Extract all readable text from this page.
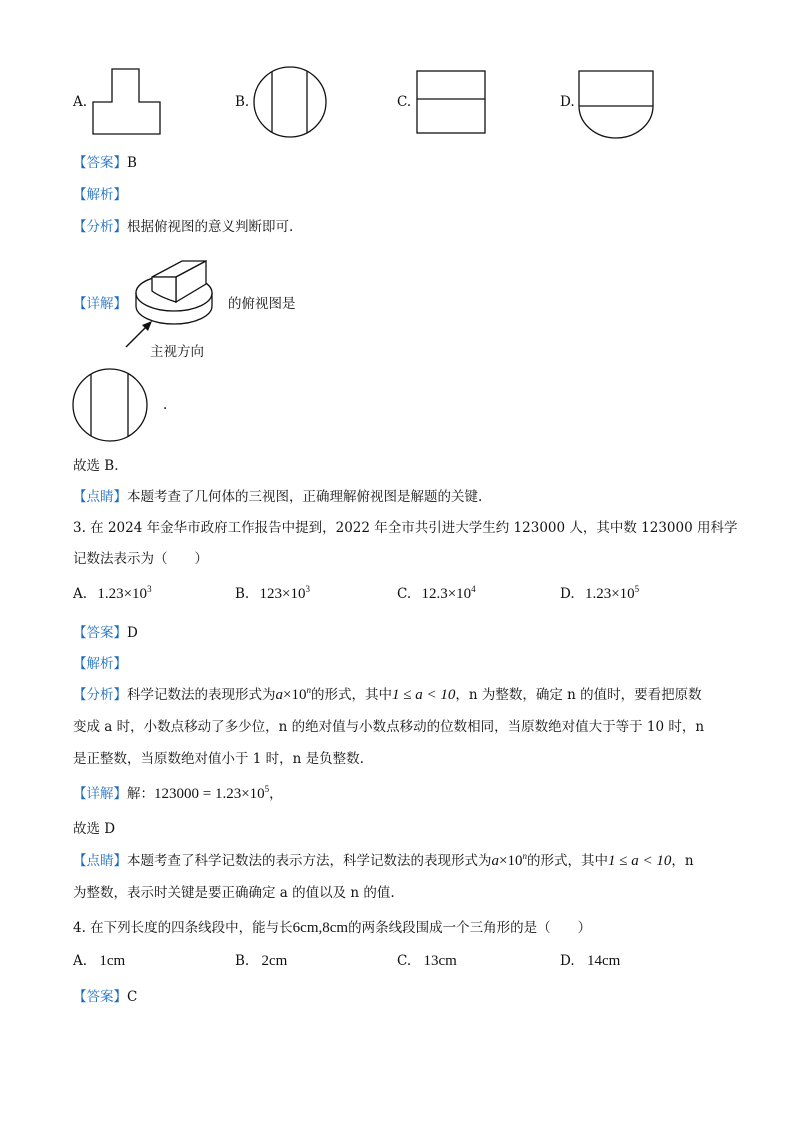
A.	B.	C.	D.
【答案】B
【解析】
【分析】根据俯视图的意义判断即可.
【详解】	的俯视图是
主视方向
.
故选 B.
【点睛】本题考查了几何体的三视图，正确理解俯视图是解题的关键.
3. 在 2024 年金华市政府工作报告中提到，2022 年全市共引进大学生约 123000 人，其中数 123000 用科学
记数法表示为（　　）
A. $1.23\times 10^3$	B. $123\times 10^3$	C. $12.3\times 10^4$	D. $1.23\times 10^5$
【答案】D
【解析】
【分析】科学记数法的表现形式为$a\times 10^n$的形式，其中1 ≤ a < 10，n 为整数，确定 n 的值时，要看把原数
变成 a 时，小数点移动了多少位，n 的绝对值与小数点移动的位数相同，当原数绝对值大于等于 10 时，n
是正整数，当原数绝对值小于 1 时，n 是负整数.
【详解】解：$123000 = 1.23\times 10^5$，
故选 D
【点睛】本题考查了科学记数法的表示方法，科学记数法的表现形式为$a\times 10^n$的形式，其中1 ≤ a < 10，n
为整数，表示时关键是要正确确定 a 的值以及 n 的值.
4. 在下列长度的四条线段中，能与长6cm,8cm的两条线段围成一个三角形的是（　　）
A. 1cm	B. 2cm	C. 13cm	D. 14cm
【答案】C
